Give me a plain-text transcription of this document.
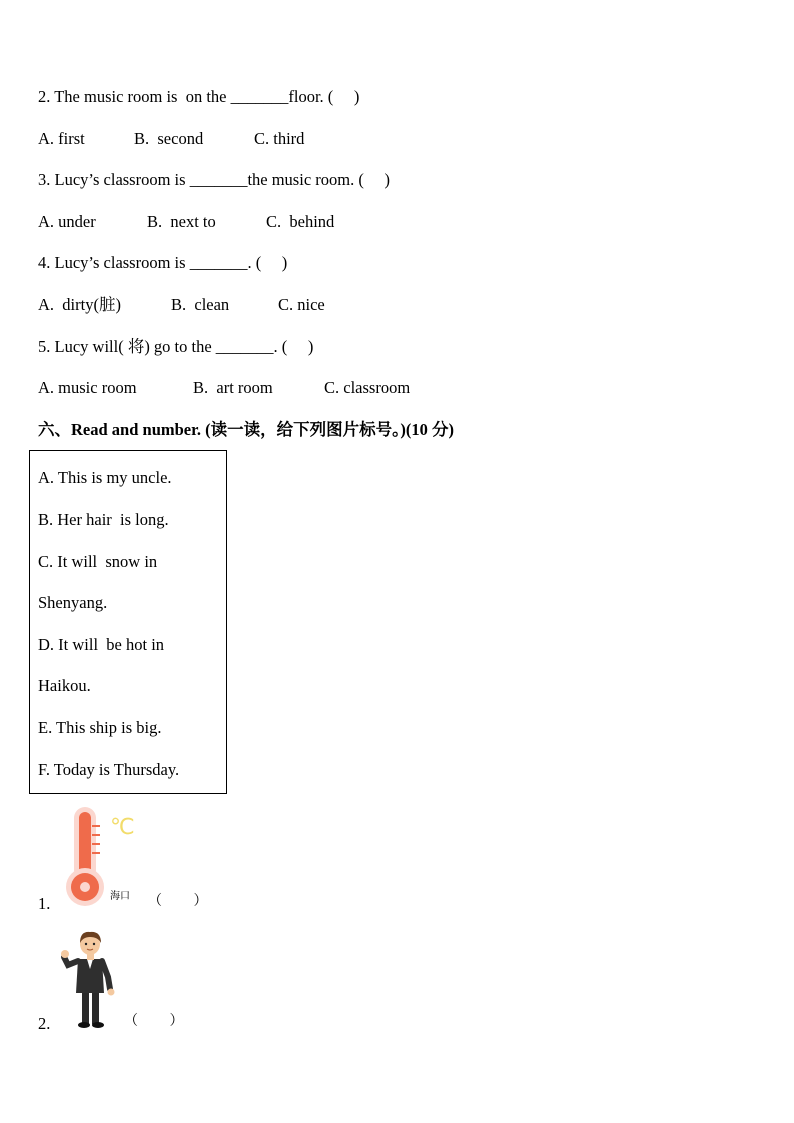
2. The music room is  on the _______floor. (     )
A. first	B.  second	C. third
3. Lucy’s classroom is _______the music room. (     )
A. under	B.  next to	C.  behind
4. Lucy’s classroom is _______. (     )
A.  dirty(脏)	B.  clean	C. nice
5. Lucy will( 将) go to the _______. (     )
A. music room	B.  art room	C. classroom
六、Read and number. (读一读，给下列图片标号。)(10 分)
A. This is my uncle.
B. Her hair  is long.
C. It will  snow in
Shenyang.
D. It will  be hot in
Haikou.
E. This ship is big.
F. Today is Thursday.
1.
℃
海口 （         ）
2.	（         ）
